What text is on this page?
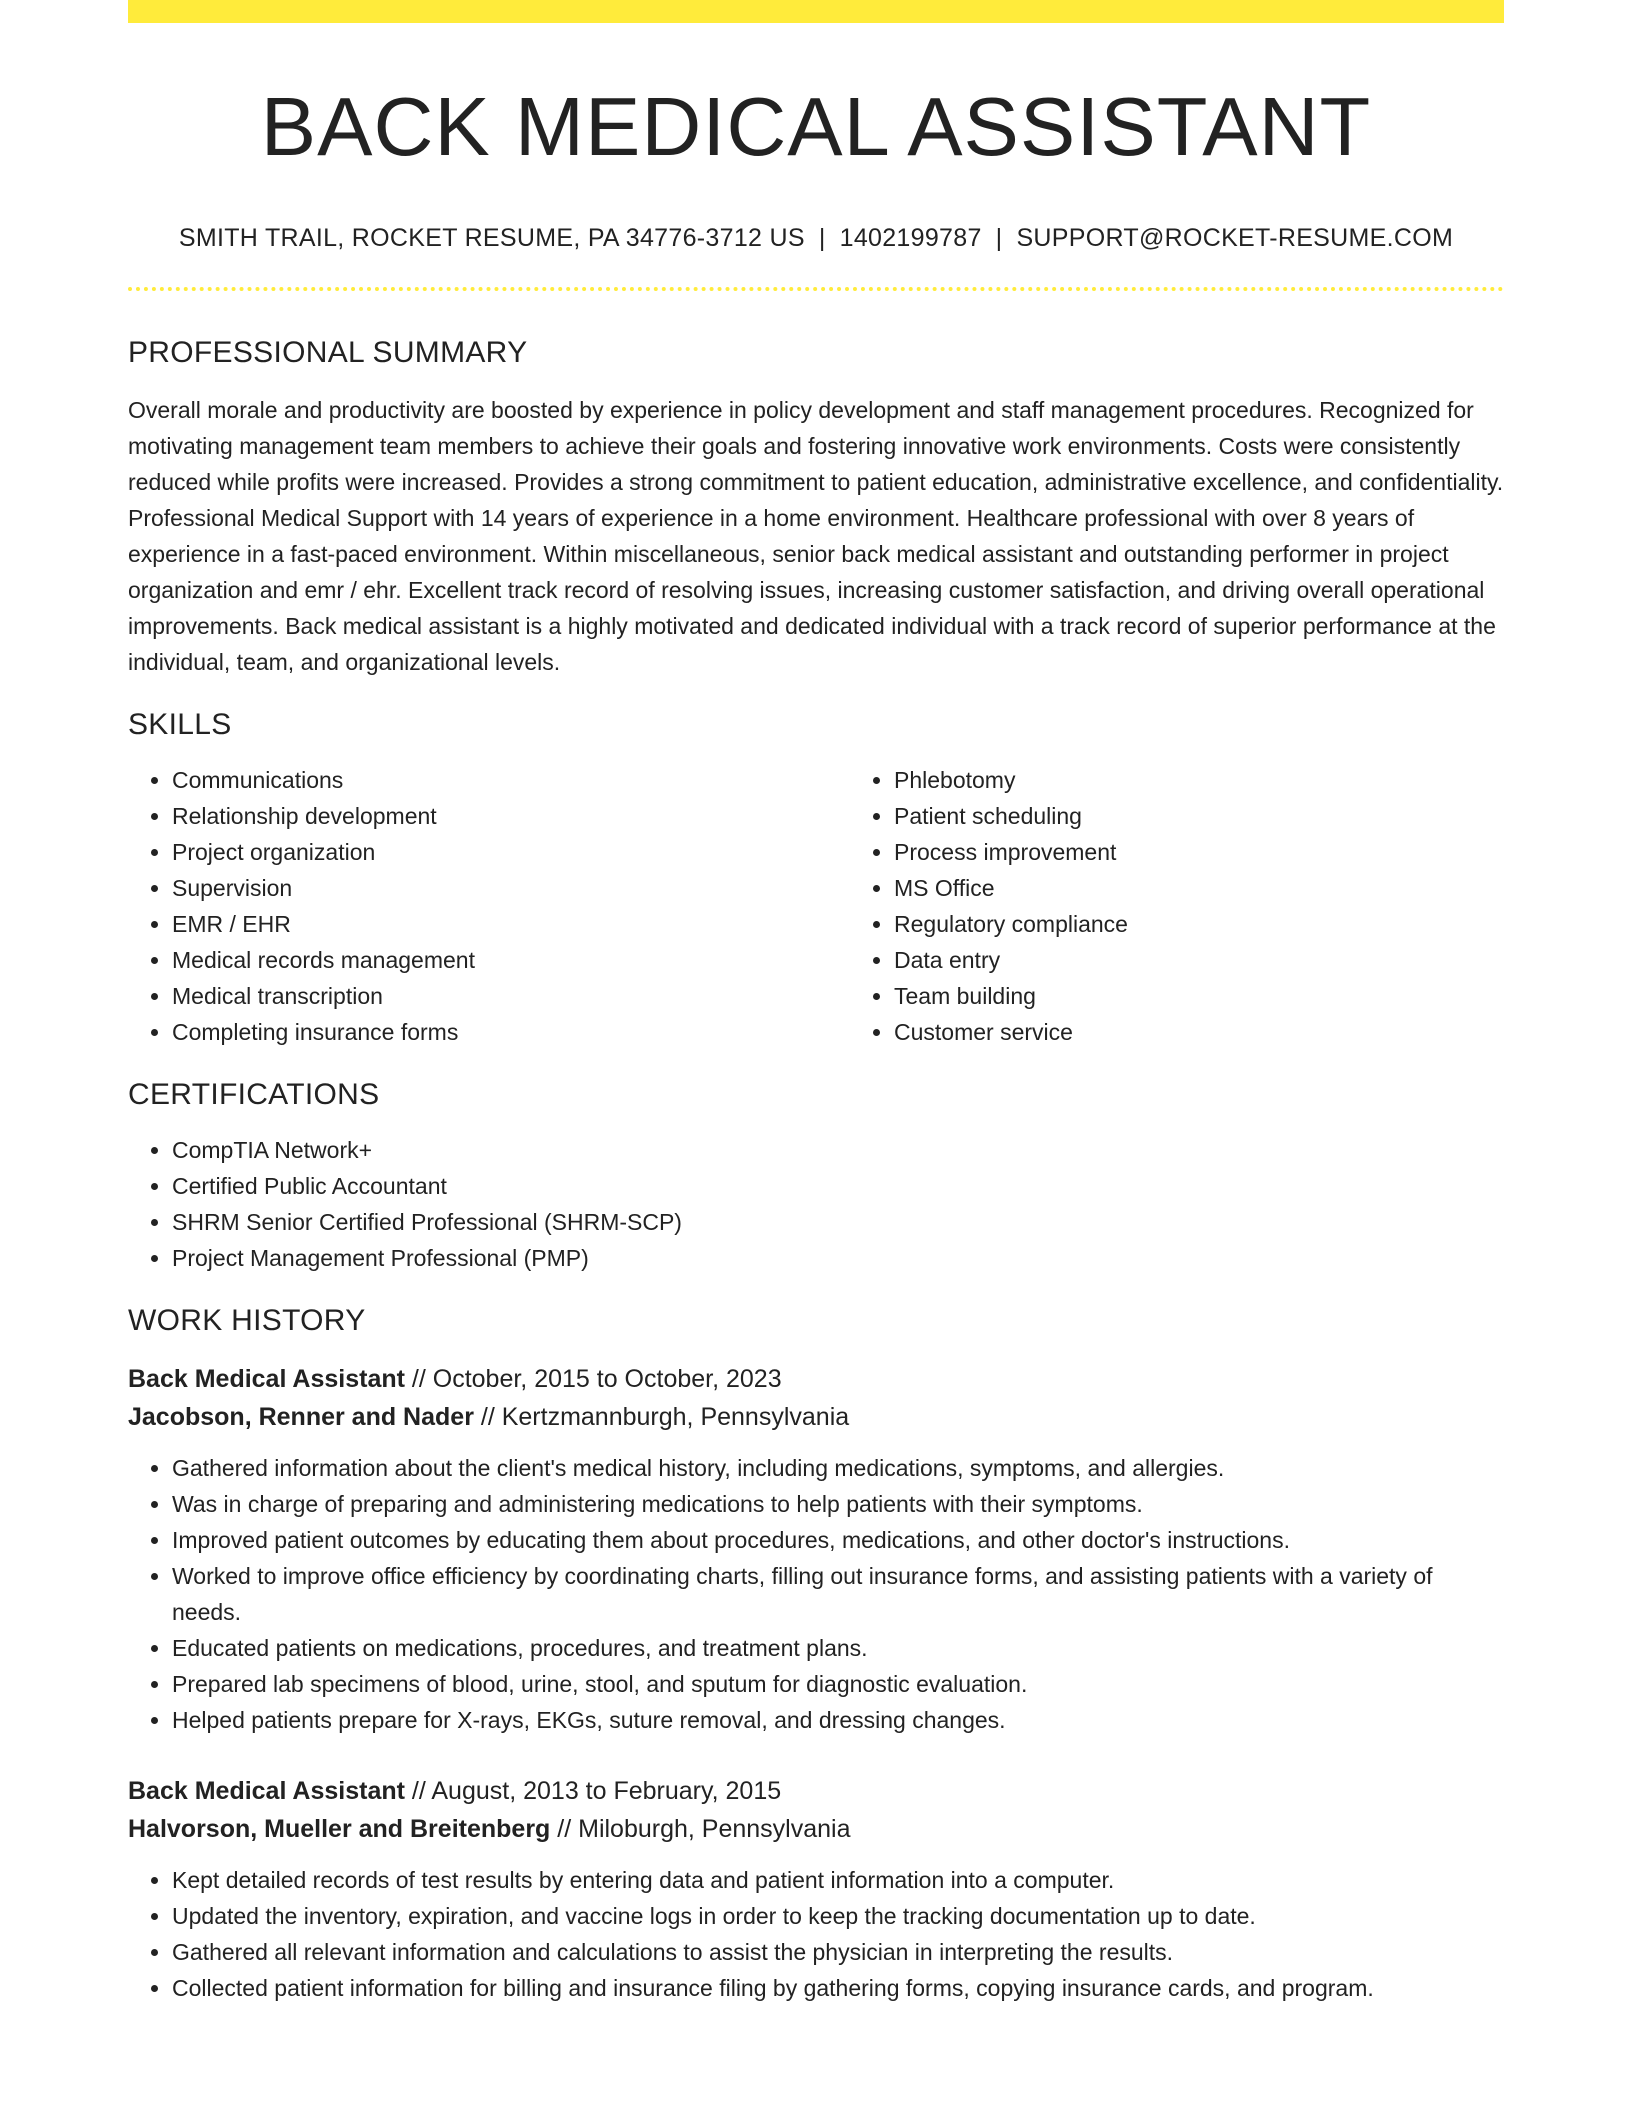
BACK MEDICAL ASSISTANT
SMITH TRAIL, ROCKET RESUME, PA 34776-3712 US | 1402199787 | SUPPORT@ROCKET-RESUME.COM
PROFESSIONAL SUMMARY

Overall morale and productivity are boosted by experience in policy development and staff management procedures. Recognized for motivating management team members to achieve their goals and fostering innovative work environments. Costs were consistently reduced while profits were increased. Provides a strong commitment to patient education, administrative excellence, and confidentiality. Professional Medical Support with 14 years of experience in a home environment. Healthcare professional with over 8 years of experience in a fast-paced environment. Within miscellaneous, senior back medical assistant and outstanding performer in project organization and emr / ehr. Excellent track record of resolving issues, increasing customer satisfaction, and driving overall operational improvements. Back medical assistant is a highly motivated and dedicated individual with a track record of superior performance at the individual, team, and organizational levels.

SKILLS
• Communications
• Relationship development
• Project organization
• Supervision
• EMR / EHR
• Medical records management
• Medical transcription
• Completing insurance forms
• Phlebotomy
• Patient scheduling
• Process improvement
• MS Office
• Regulatory compliance
• Data entry
• Team building
• Customer service
CERTIFICATIONS
• CompTIA Network+
• Certified Public Accountant
• SHRM Senior Certified Professional (SHRM-SCP)
• Project Management Professional (PMP)
WORK HISTORY
Back Medical Assistant // October, 2015 to October, 2023
Jacobson, Renner and Nader // Kertzmannburgh, Pennsylvania
• Gathered information about the client's medical history, including medications, symptoms, and allergies.
• Was in charge of preparing and administering medications to help patients with their symptoms.
• Improved patient outcomes by educating them about procedures, medications, and other doctor's instructions.
• Worked to improve office efficiency by coordinating charts, filling out insurance forms, and assisting patients with a variety of needs.
• Educated patients on medications, procedures, and treatment plans.
• Prepared lab specimens of blood, urine, stool, and sputum for diagnostic evaluation.
• Helped patients prepare for X-rays, EKGs, suture removal, and dressing changes.
Back Medical Assistant // August, 2013 to February, 2015
Halvorson, Mueller and Breitenberg // Miloburgh, Pennsylvania
• Kept detailed records of test results by entering data and patient information into a computer.
• Updated the inventory, expiration, and vaccine logs in order to keep the tracking documentation up to date.
• Gathered all relevant information and calculations to assist the physician in interpreting the results.
• Collected patient information for billing and insurance filing by gathering forms, copying insurance cards, and program.
